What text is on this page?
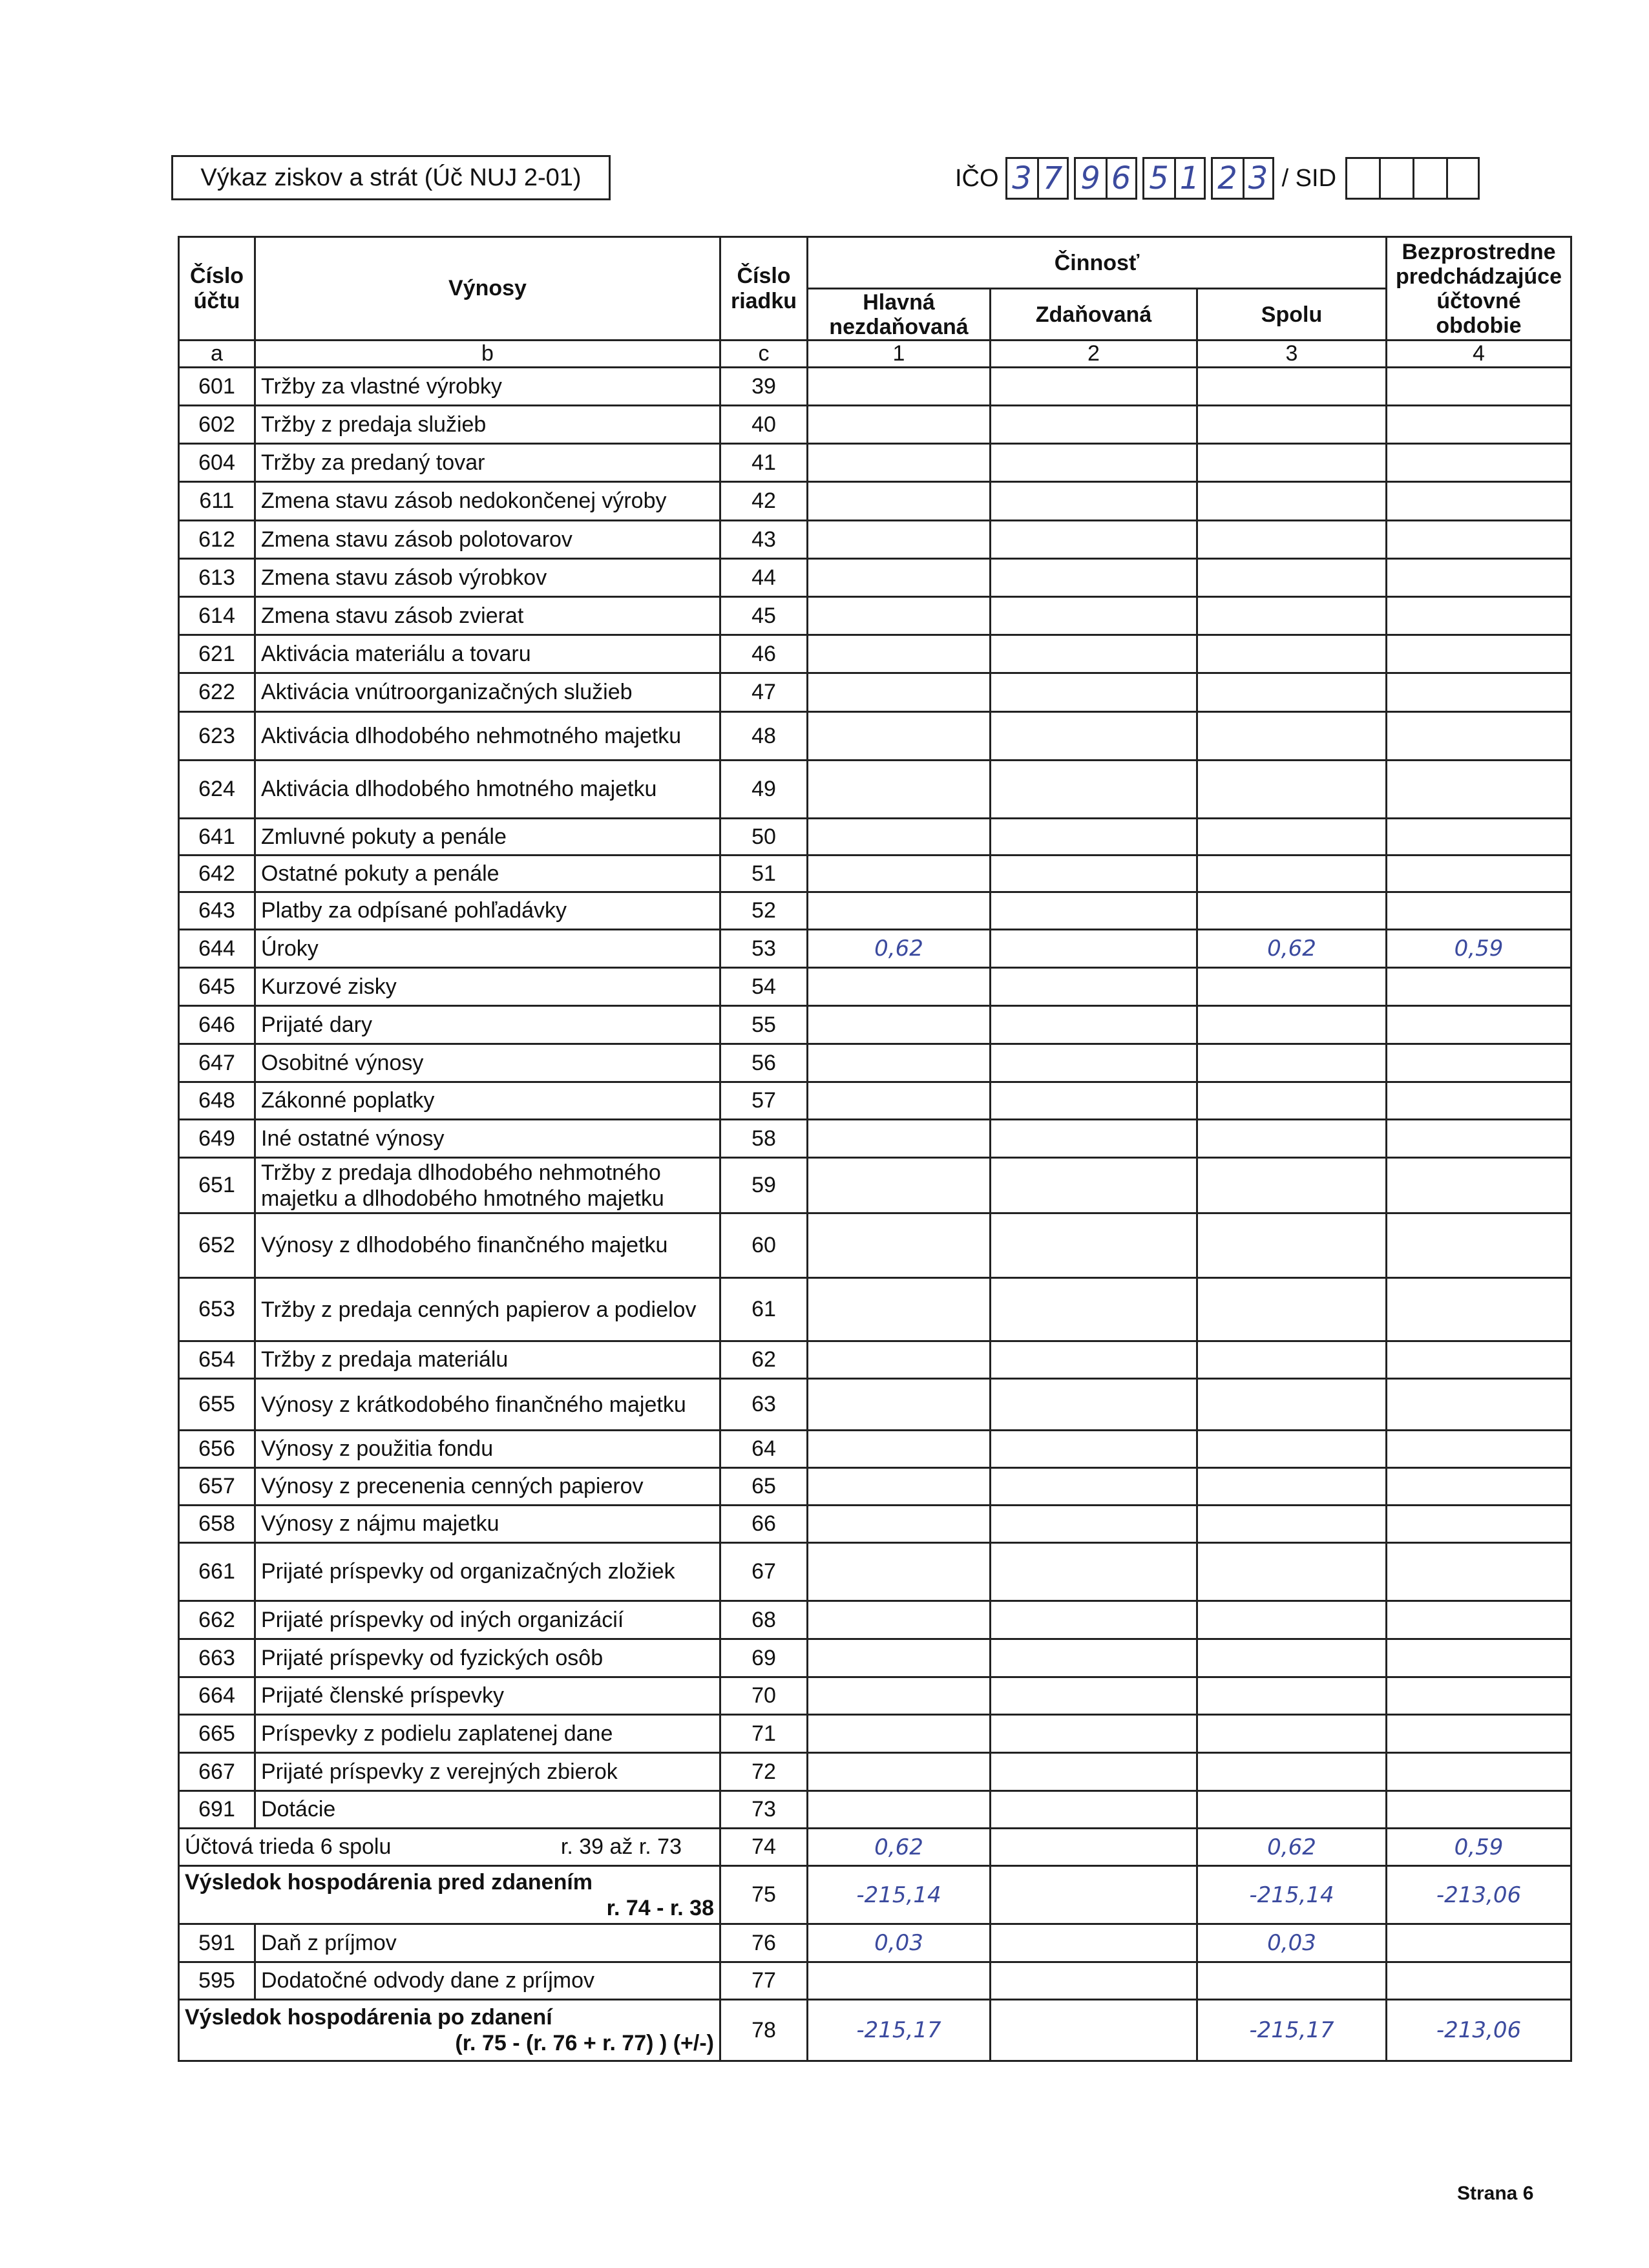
Výkaz ziskov a strát (Úč NUJ 2-01)	IČO 3 7 9 6 5 1 2 3 / SID
Číslo účtu	Výnosy	Číslo riadku	Činnosť			Bezprostredne predchádzajúce účtovné obdobie
			Hlavná nezdaňovaná	Zdaňovaná	Spolu	
a	b	c	1	2	3	4
601	Tržby za vlastné výrobky	39				
602	Tržby z predaja služieb	40				
604	Tržby za predaný tovar	41				
611	Zmena stavu zásob nedokončenej výroby	42				
612	Zmena stavu zásob polotovarov	43				
613	Zmena stavu zásob výrobkov	44				
614	Zmena stavu zásob zvierat	45				
621	Aktivácia materiálu a tovaru	46				
622	Aktivácia vnútroorganizačných služieb	47				
623	Aktivácia dlhodobého nehmotného majetku	48				
624	Aktivácia dlhodobého hmotného majetku	49				
641	Zmluvné pokuty a penále	50				
642	Ostatné pokuty a penále	51				
643	Platby za odpísané pohľadávky	52				
644	Úroky	53	0,62		0,62	0,59
645	Kurzové zisky	54				
646	Prijaté dary	55				
647	Osobitné výnosy	56				
648	Zákonné poplatky	57				
649	Iné ostatné výnosy	58				
651	Tržby z predaja dlhodobého nehmotného majetku a dlhodobého hmotného majetku	59				
652	Výnosy z dlhodobého finančného majetku	60				
653	Tržby z predaja cenných papierov a podielov	61				
654	Tržby z predaja materiálu	62				
655	Výnosy z krátkodobého finančného majetku	63				
656	Výnosy z použitia fondu	64				
657	Výnosy z precenenia cenných papierov	65				
658	Výnosy z nájmu majetku	66				
661	Prijaté príspevky od organizačných zložiek	67				
662	Prijaté príspevky od iných organizácií	68				
663	Prijaté príspevky od fyzických osôb	69				
664	Prijaté členské príspevky	70				
665	Príspevky z podielu zaplatenej dane	71				
667	Prijaté príspevky z verejných zbierok	72				
691	Dotácie	73				
Účtová trieda 6 spolu r. 39 až r. 73		74	0,62		0,62	0,59
Výsledok hospodárenia pred zdanením
r. 74 - r. 38		75	-215,14		-215,14	-213,06
591	Daň z príjmov	76	0,03		0,03	
595	Dodatočné odvody dane z príjmov	77				
Výsledok hospodárenia po zdanení
(r. 75 - (r. 76 + r. 77) ) (+/-)		78	-215,17		-215,17	-213,06
Strana 6
